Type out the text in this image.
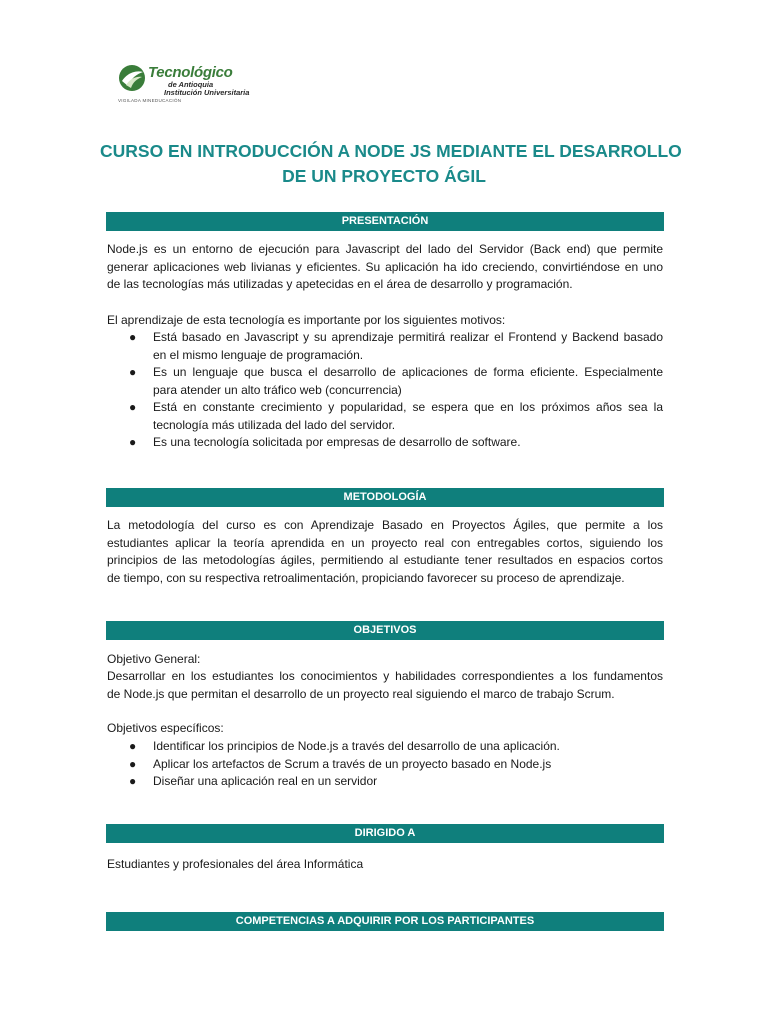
Tecnológico
de Antioquia
Institución Universitaria
VIGILADA MINEDUCACIÓN
CURSO EN INTRODUCCIÓN A NODE JS MEDIANTE EL DESARROLLO
DE UN PROYECTO ÁGIL
PRESENTACIÓN
Node.js es un entorno de ejecución para Javascript del lado del Servidor (Back end) que permite
generar aplicaciones web livianas y eficientes. Su aplicación ha ido creciendo, convirtiéndose en uno
de las tecnologías más utilizadas y apetecidas en el área de desarrollo y programación.
El aprendizaje de esta tecnología es importante por los siguientes motivos:
● Está basado en Javascript y su aprendizaje permitirá realizar el Frontend y Backend basado
en el mismo lenguaje de programación.
● Es un lenguaje que busca el desarrollo de aplicaciones de forma eficiente. Especialmente
para atender un alto tráfico web (concurrencia)
● Está en constante crecimiento y popularidad, se espera que en los próximos años sea la
tecnología más utilizada del lado del servidor.
● Es una tecnología solicitada por empresas de desarrollo de software.
METODOLOGÍA
La metodología del curso es con Aprendizaje Basado en Proyectos Ágiles, que permite a los
estudiantes aplicar la teoría aprendida en un proyecto real con entregables cortos, siguiendo los
principios de las metodologías ágiles, permitiendo al estudiante tener resultados en espacios cortos
de tiempo, con su respectiva retroalimentación, propiciando favorecer su proceso de aprendizaje.
OBJETIVOS
Objetivo General:
Desarrollar en los estudiantes los conocimientos y habilidades correspondientes a los fundamentos
de Node.js que permitan el desarrollo de un proyecto real siguiendo el marco de trabajo Scrum.
Objetivos específicos:
● Identificar los principios de Node.js a través del desarrollo de una aplicación.
● Aplicar los artefactos de Scrum a través de un proyecto basado en Node.js
● Diseñar una aplicación real en un servidor
DIRIGIDO A
Estudiantes y profesionales del área Informática
COMPETENCIAS A ADQUIRIR POR LOS PARTICIPANTES
